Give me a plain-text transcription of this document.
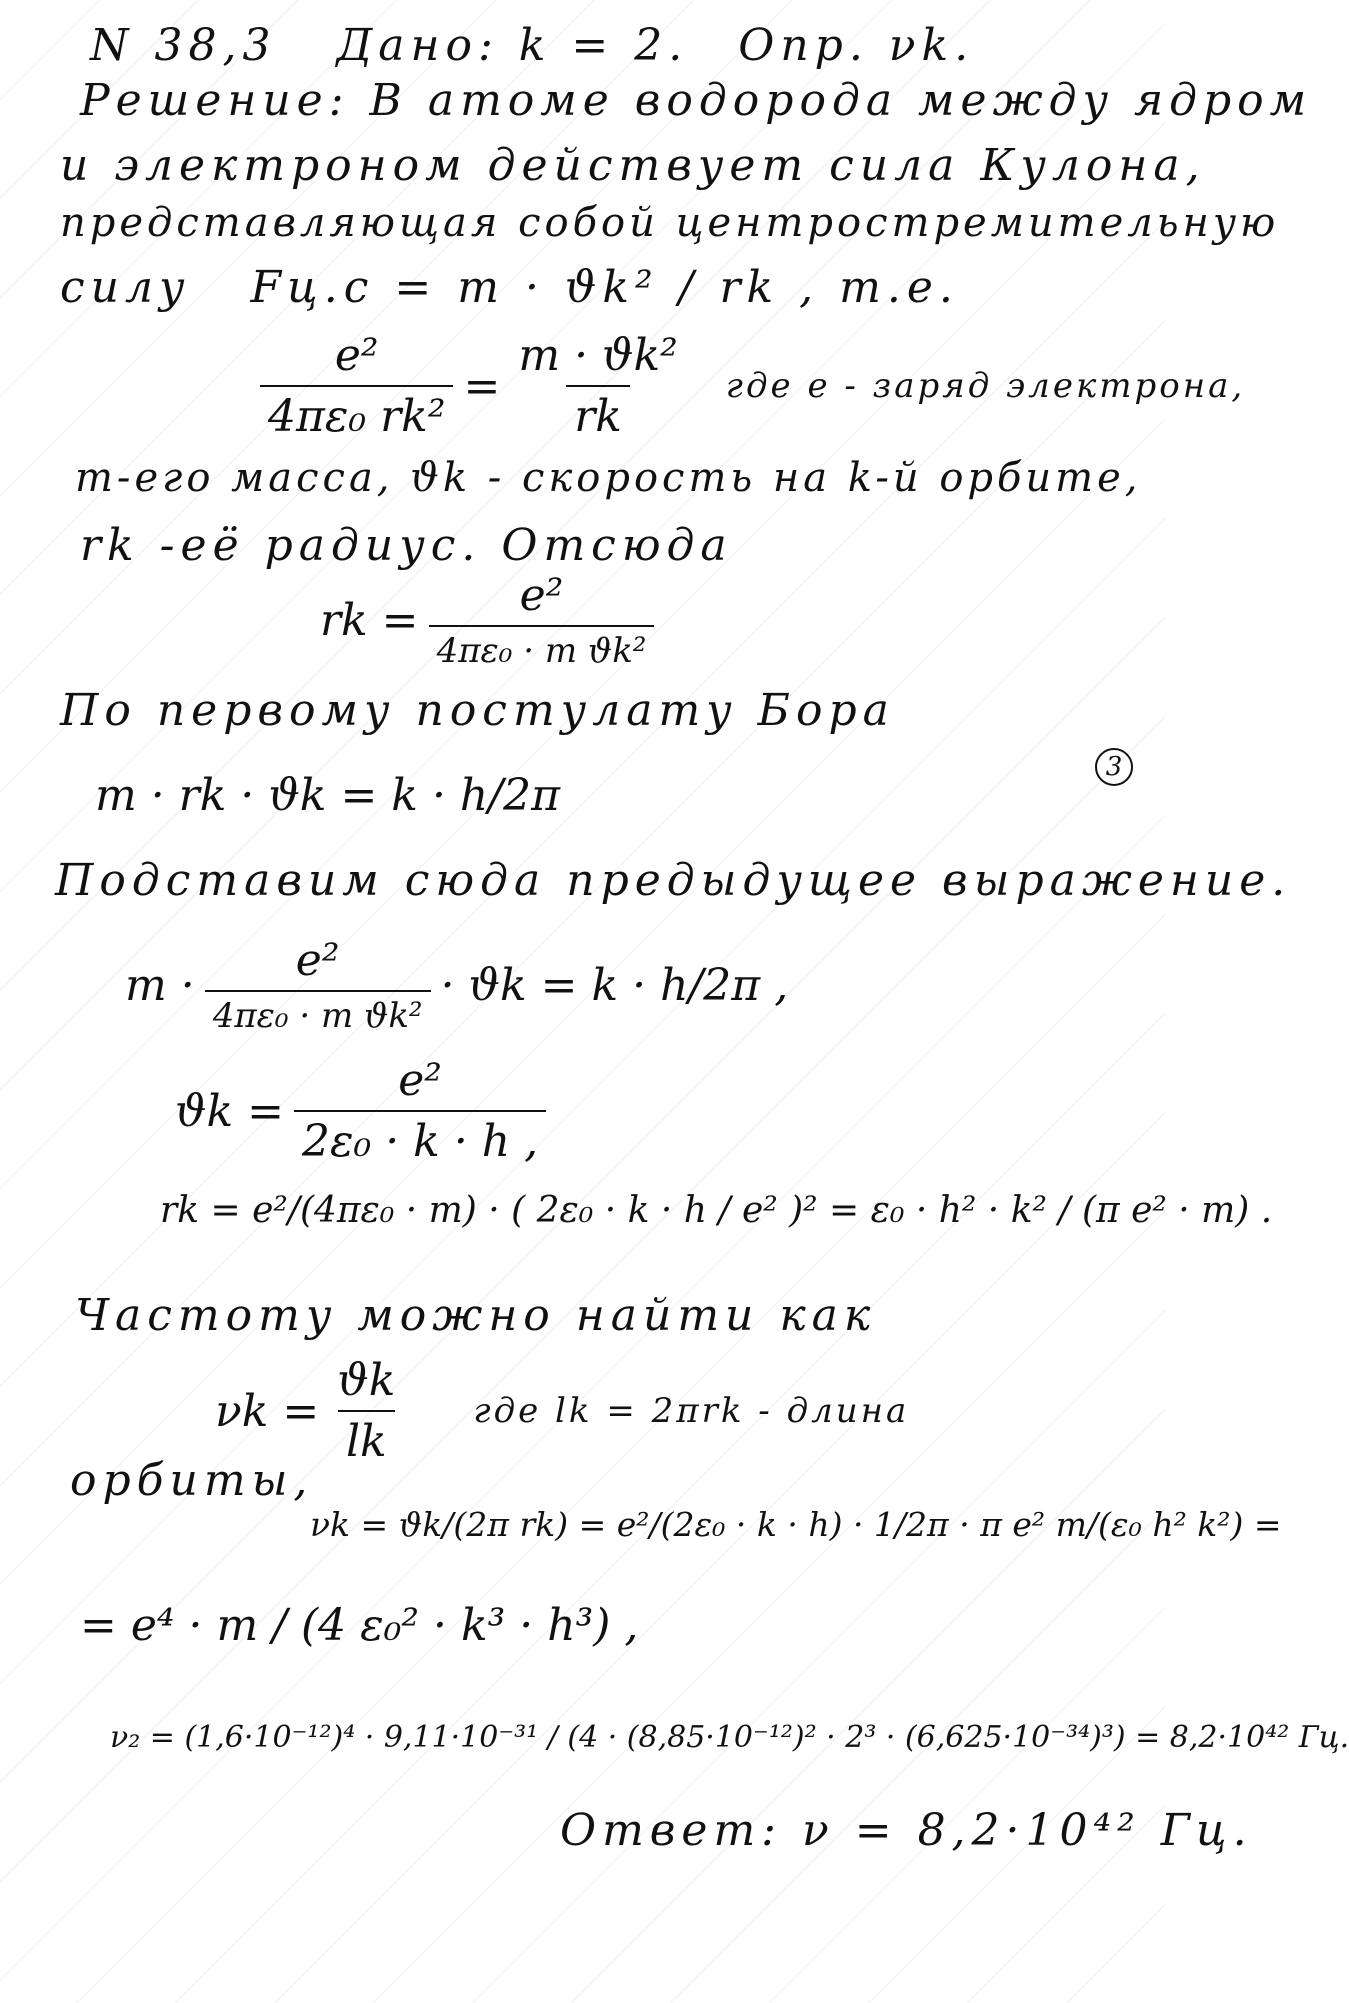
N 38,3 Дано: k = 2. Опр. νk.
Решение: В атоме водорода между ядром
и электроном действует сила Кулона,
представляющая собой центростремительную
силу Fц.с = m · ϑk² / rk , т.е.
$\frac{\text{e²}}{\text{4πε₀ rk²}} = \frac{\text{m · ϑk²}}{rk}$ где e - заряд электрона,
m-его масса, ϑk - скорость на k-й орбите,
rk -её радиус. Отсюда
rk = $\frac{\text{e²}}{\text{4πε₀ · m ϑk²}}$
По первому постулату Бора
m · rk · ϑk = k · h/2π
3
Подставим сюда предыдущее выражение.
$m \cdot \frac{\text{e²}}{\text{4πε₀ · m ϑk²}} \cdot ϑk = k \cdot h/2\pi$ ,
$ϑk = \frac{\text{e²}}{\text{2ε₀ · k · h ,}}$
rk = e²/(4πε₀ · m) · ( 2ε₀ · k · h / e² )² = ε₀ · h² · k² / (π e² · m) .
Частоту можно найти как
$\nu k = \frac{ϑk}{lk}$ где lk = 2πrk - длина
орбиты,
νk = ϑk/(2π rk) = e²/(2ε₀ · k · h) · 1/2π · π e² m/(ε₀ h² k²) =
= e⁴ · m / (4 ε₀² · k³ · h³) ,
ν₂ = (1,6·10⁻¹²)⁴ · 9,11·10⁻³¹ / (4 · (8,85·10⁻¹²)² · 2³ · (6,625·10⁻³⁴)³) = 8,2·10⁴² Гц.
Ответ: ν = 8,2·10⁴² Гц.
